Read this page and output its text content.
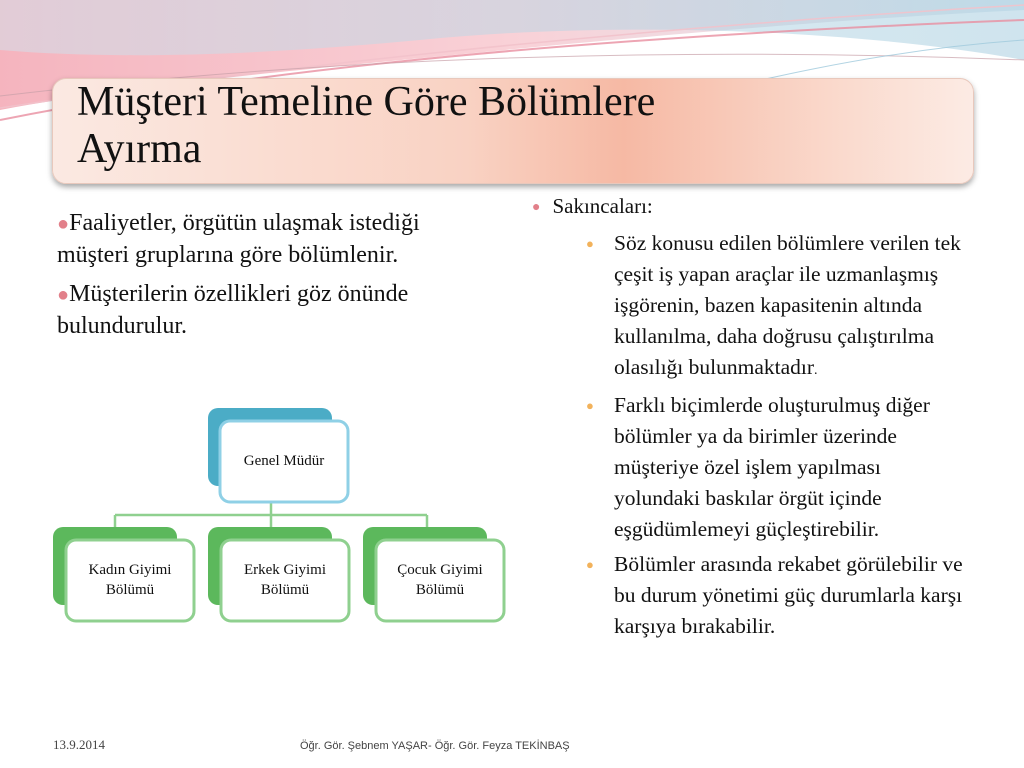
Müşteri Temeline Göre Bölümlere
Ayırma
●Faaliyetler, örgütün ulaşmak istediği müşteri gruplarına göre bölümlenir.
●Müşterilerin özellikleri göz önünde bulundurulur.
● Sakıncaları:
● Söz konusu edilen bölümlere verilen tek çeşit iş yapan araçlar ile uzmanlaşmış işgörenin, bazen kapasitenin altında kullanılma, daha doğrusu çalıştırılma olasılığı bulunmaktadır.
● Farklı biçimlerde oluşturulmuş diğer bölümler ya da birimler üzerinde müşteriye özel işlem yapılması yolundaki baskılar örgüt içinde eşgüdümlemeyi güçleştirebilir.
● Bölümler arasında rekabet görülebilir ve bu durum yönetimi güç durumlarla karşı karşıya bırakabilir.
Genel Müdür
Kadın Giyimi
Bölümü
Erkek Giyimi
Bölümü
Çocuk Giyimi
Bölümü
13.9.2014	Öğr. Gör. Şebnem YAŞAR- Öğr. Gör. Feyza TEKİNBAŞ
